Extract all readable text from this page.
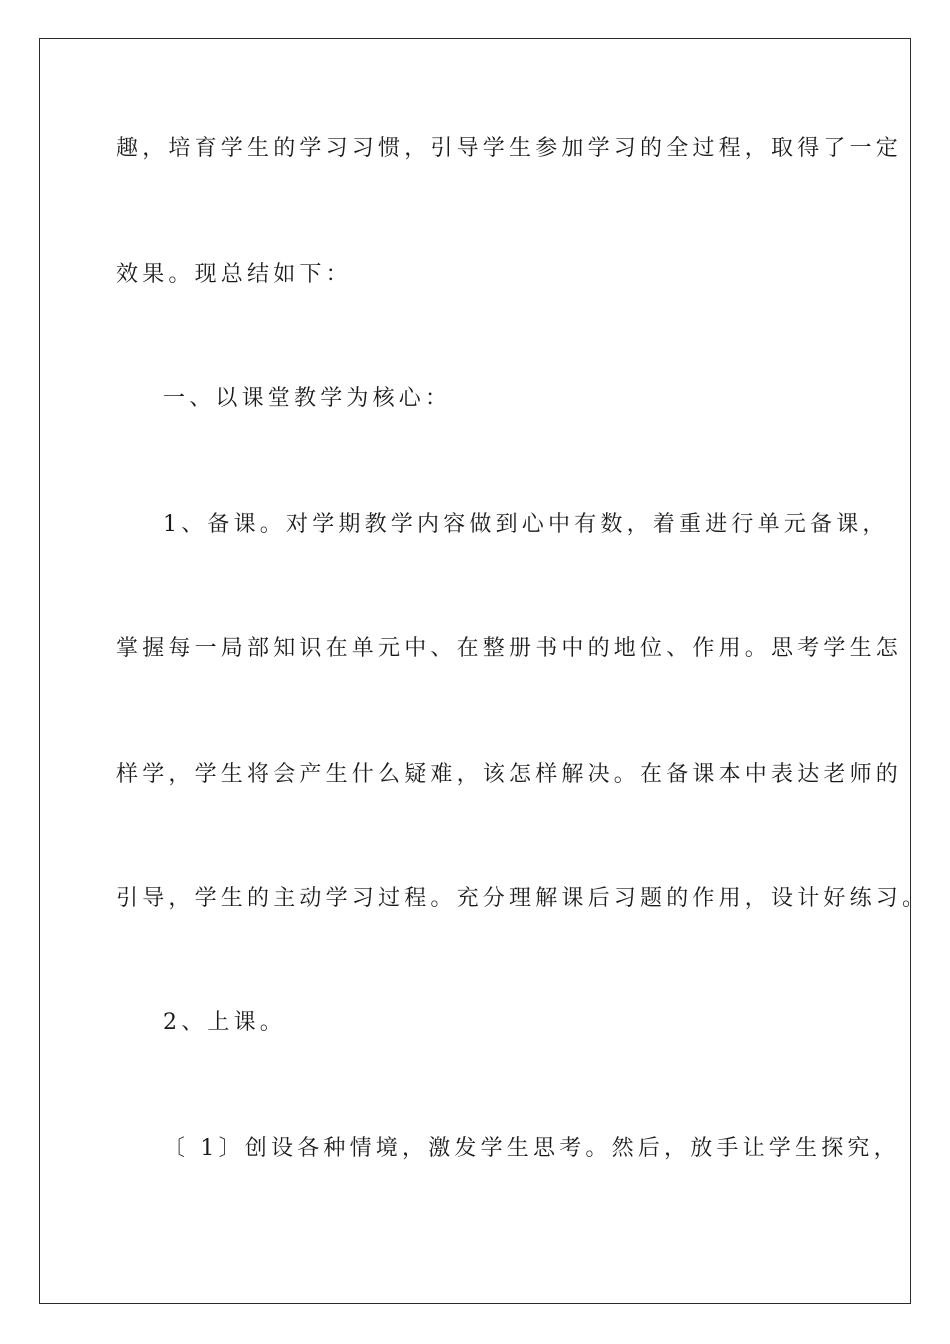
趣，培育学生的学习习惯，引导学生参加学习的全过程，取得了一定
效果。现总结如下：
一、以课堂教学为核心：
1、备课。对学期教学内容做到心中有数，着重进行单元备课，
掌握每一局部知识在单元中、在整册书中的地位、作用。思考学生怎
样学，学生将会产生什么疑难，该怎样解决。在备课本中表达老师的
引导，学生的主动学习过程。充分理解课后习题的作用，设计好练习。
2、上课。
〔 1〕创设各种情境，激发学生思考。然后，放手让学生探究，
